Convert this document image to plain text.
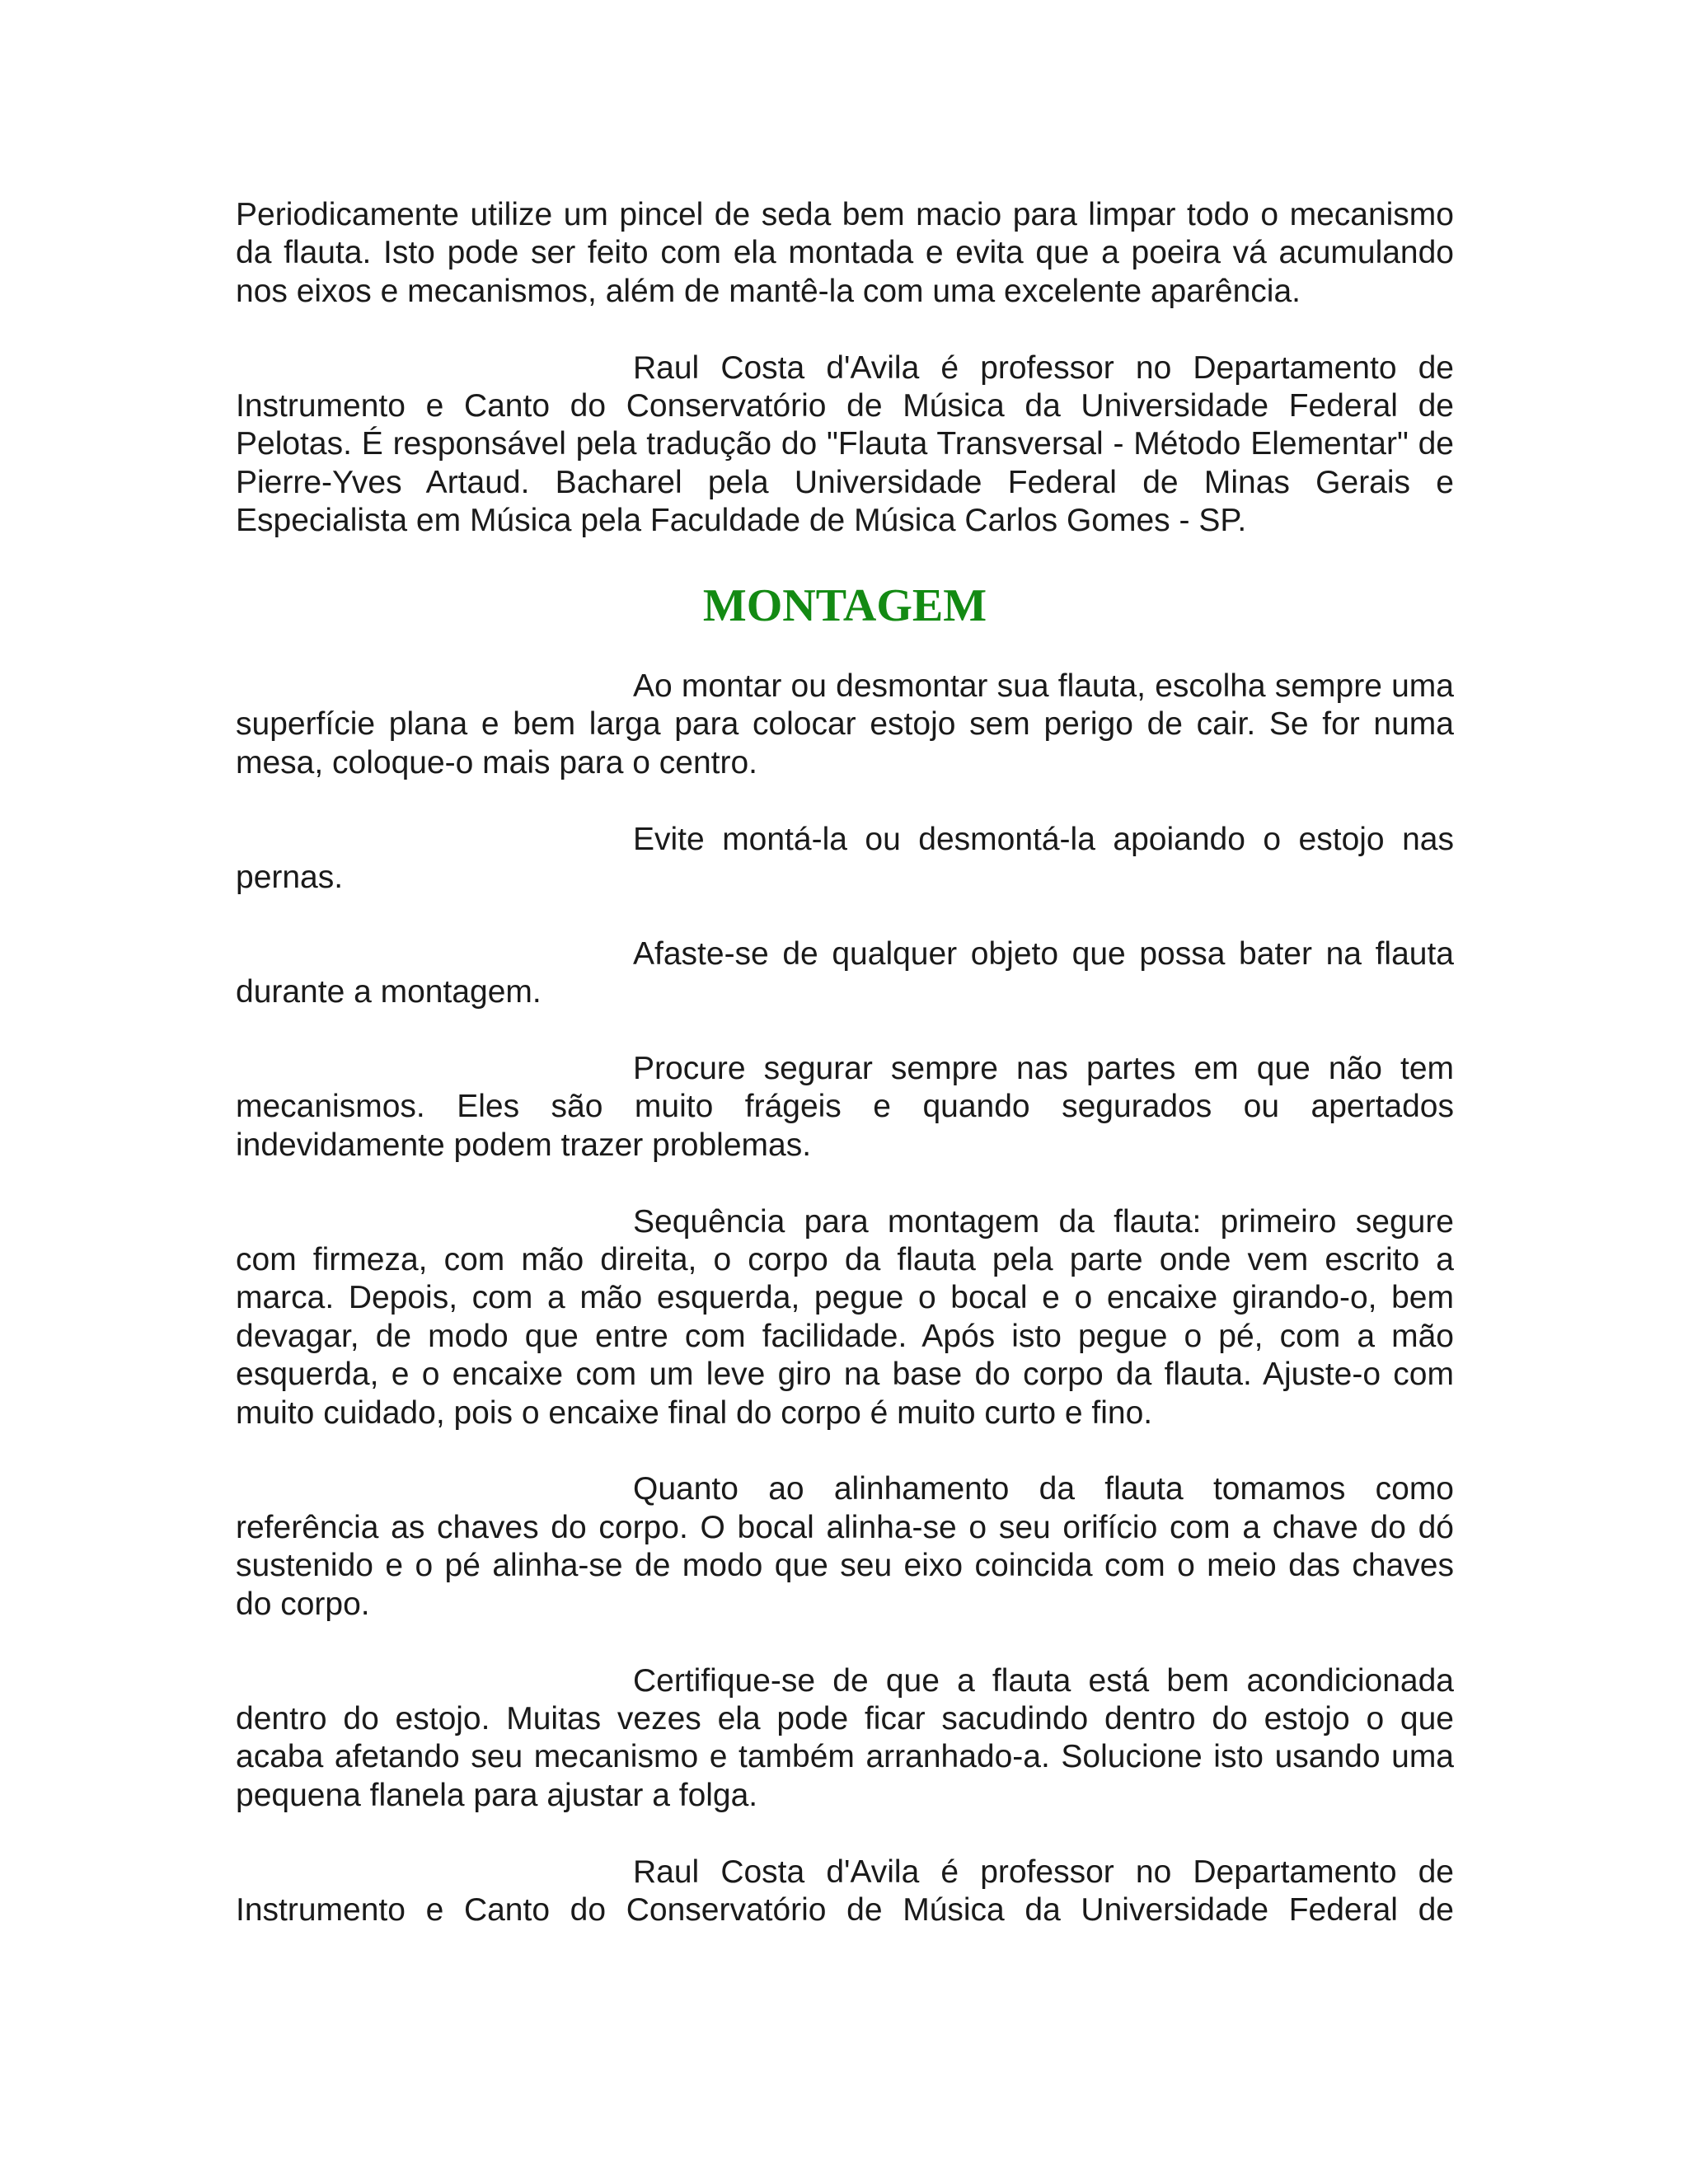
Periodicamente utilize um pincel de seda bem macio para limpar todo o mecanismo da flauta. Isto pode ser feito com ela montada e evita que a poeira vá acumulando nos eixos e mecanismos, além de mantê-la com uma excelente aparência.

Raul Costa d'Avila é professor no Departamento de Instrumento e Canto do Conservatório de Música da Universidade Federal de Pelotas. É responsável pela tradução do "Flauta Transversal - Método Elementar" de Pierre-Yves Artaud. Bacharel pela Universidade Federal de Minas Gerais e Especialista em Música pela Faculdade de Música Carlos Gomes - SP.

MONTAGEM

Ao montar ou desmontar sua flauta, escolha sempre uma superfície plana e bem larga para colocar estojo sem perigo de cair. Se for numa mesa, coloque-o mais para o centro.

Evite montá-la ou desmontá-la apoiando o estojo nas pernas.

Afaste-se de qualquer objeto que possa bater na flauta durante a montagem.

Procure segurar sempre nas partes em que não tem mecanismos. Eles são muito frágeis e quando segurados ou apertados indevidamente podem trazer problemas.

Sequência para montagem da flauta: primeiro segure com firmeza, com mão direita, o corpo da flauta pela parte onde vem escrito a marca. Depois, com a mão esquerda, pegue o bocal e o encaixe girando-o, bem devagar, de modo que entre com facilidade. Após isto pegue o pé, com a mão esquerda, e o encaixe com um leve giro na base do corpo da flauta. Ajuste-o com muito cuidado, pois o encaixe final do corpo é muito curto e fino.

Quanto ao alinhamento da flauta tomamos como referência as chaves do corpo. O bocal alinha-se o seu orifício com a chave do dó sustenido e o pé alinha-se de modo que seu eixo coincida com o meio das chaves do corpo.

Certifique-se de que a flauta está bem acondicionada dentro do estojo. Muitas vezes ela pode ficar sacudindo dentro do estojo o que acaba afetando seu mecanismo e também arranhado-a. Solucione isto usando uma pequena flanela para ajustar a folga.

Raul Costa d'Avila é professor no Departamento de Instrumento e Canto do Conservatório de Música da Universidade Federal de
